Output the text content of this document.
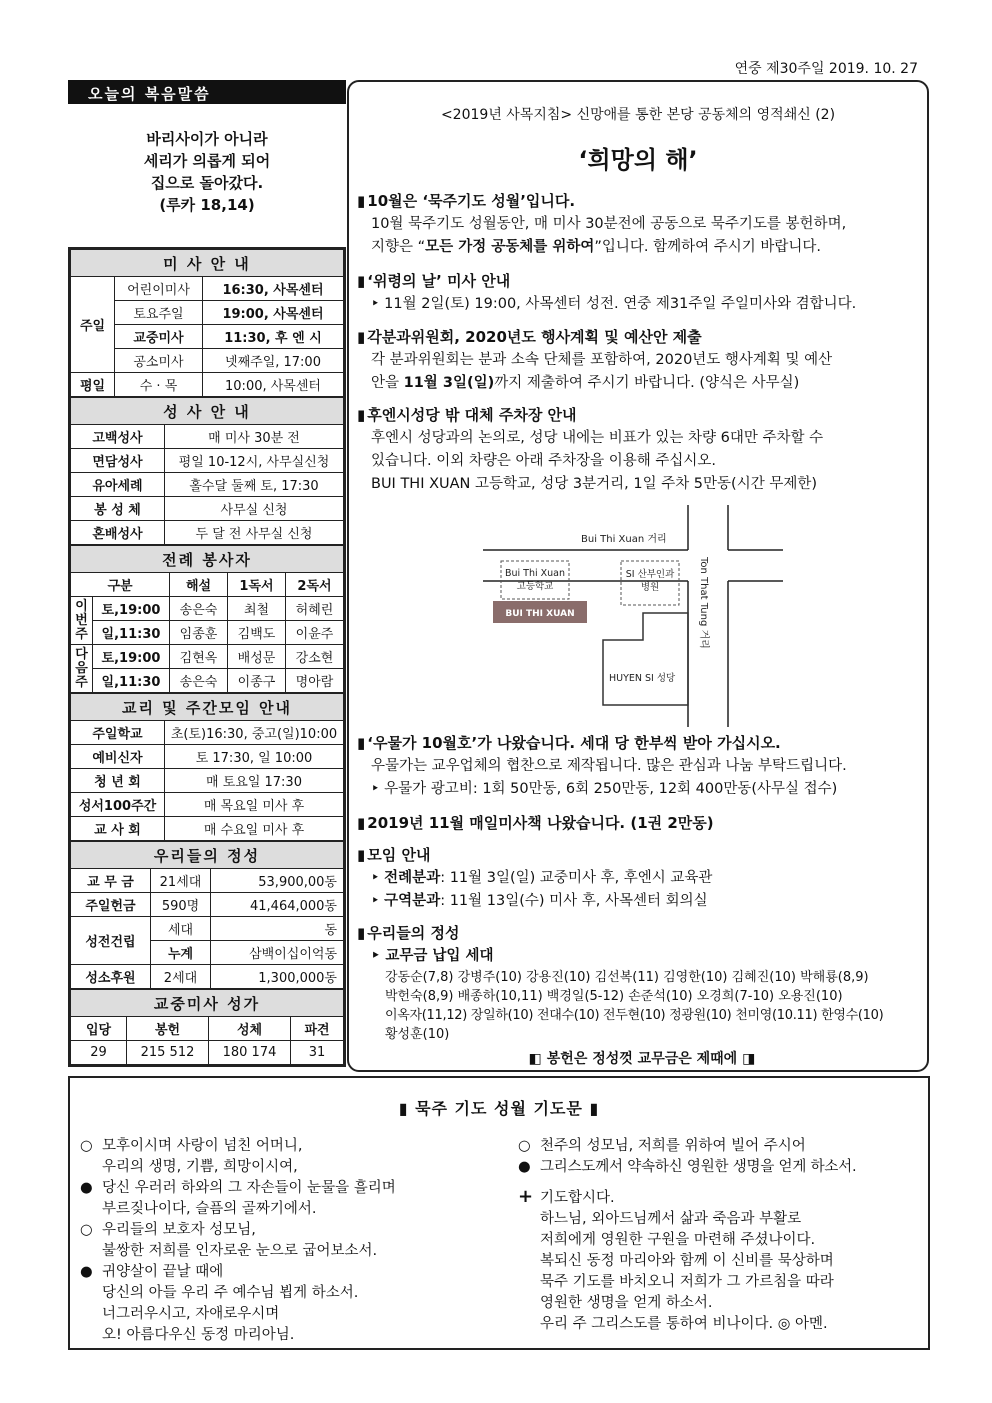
연중 제30주일 2019. 10. 27
오늘의 복음말씀
바리사이가 아니라
세리가 의롭게 되어
집으로 돌아갔다.
(루카 18,14)
미 사 안 내		
주일	어린이미사	16:30, 사목센터
	토요주일	19:00, 사목센터
	교중미사	11:30, 후 엔 시
	공소미사	넷째주일, 17:00
평일	수 · 목	10:00, 사목센터
성 사 안 내	
고백성사	매 미사 30분 전
면담성사	평일 10-12시, 사무실신청
유아세례	홀수달 둘째 토, 17:30
봉 성 체	사무실 신청
혼배성사	두 달 전 사무실 신청
전례 봉사자				
구분		해설	1독서	2독서
이번주	토,19:00	송은숙	최철	허혜린
	일,11:30	임종훈	김백도	이윤주
다음주	토,19:00	김현옥	배성문	강소현
	일,11:30	송은숙	이종구	명아람
교리 및 주간모임 안내	
주일학교	초(토)16:30, 중고(일)10:00
예비신자	토 17:30, 일 10:00
청 년 회	매 토요일 17:30
성서100주간	매 목요일 미사 후
교 사 회	매 수요일 미사 후
우리들의 정성		
교 무 금	21세대	53,900,00동
주일헌금	590명	41,464,000동
성전건립	세대	동
	누계	삼백이십이억동
성소후원	2세대	1,300,000동
교중미사 성가			
입당	봉헌	성체	파견
29	215 512	180 174	31
<2019년 사목지침> 신망애를 통한 본당 공동체의 영적쇄신 (2)
‘희망의 해’
▮ 10월은 ‘묵주기도 성월’입니다.
10월 묵주기도 성월동안, 매 미사 30분전에 공동으로 묵주기도를 봉헌하며,
지향은 “모든 가정 공동체를 위하여”입니다. 함께하여 주시기 바랍니다.
▮ ‘위령의 날’ 미사 안내
‣ 11월 2일(토) 19:00, 사목센터 성전. 연중 제31주일 주일미사와 겸합니다.
▮ 각분과위원회, 2020년도 행사계획 및 예산안 제출
각 분과위원회는 분과 소속 단체를 포함하여, 2020년도 행사계획 및 예산
안을 11월 3일(일)까지 제출하여 주시기 바랍니다. (양식은 사무실)
▮ 후엔시성당 밖 대체 주차장 안내
후엔시 성당과의 논의로, 성당 내에는 비표가 있는 차량 6대만 주차할 수
있습니다. 이외 차량은 아래 주차장을 이용해 주십시오.
BUI THI XUAN 고등학교, 성당 3분거리, 1일 주차 5만동(시간 무제한)
Bui Thi Xuan 거리
Ton That Tung 거리
Bui Thi Xuan
고등학교
BUI THI XUAN
SI 산부인과
병원
HUYEN SI 성당
▮ ‘우물가 10월호’가 나왔습니다. 세대 당 한부씩 받아 가십시오.
우물가는 교우업체의 협찬으로 제작됩니다. 많은 관심과 나눔 부탁드립니다.
‣ 우물가 광고비: 1회 50만동, 6회 250만동, 12회 400만동(사무실 접수)
▮ 2019년 11월 매일미사책 나왔습니다. (1권 2만동)
▮ 모임 안내
‣ 전례분과: 11월 3일(일) 교중미사 후, 후엔시 교육관
‣ 구역분과: 11월 13일(수) 미사 후, 사목센터 회의실
▮ 우리들의 정성
‣ 교무금 납입 세대
강동순(7,8) 강병주(10) 강용진(10) 김선복(11) 김영한(10) 김혜진(10) 박해룡(8,9)
박헌숙(8,9) 배종하(10,11) 백경일(5-12) 손준석(10) 오경희(7-10) 오용진(10)
이옥자(11,12) 장일하(10) 전대수(10) 전두현(10) 정광원(10) 천미영(10.11) 한영수(10)
황성훈(10)
◧ 봉헌은 정성껏 교무금은 제때에 ◨
▮ 묵주 기도 성월 기도문 ▮
○ 모후이시며 사랑이 넘친 어머니,
우리의 생명, 기쁨, 희망이시여,
● 당신 우러러 하와의 그 자손들이 눈물을 흘리며
부르짖나이다, 슬픔의 골짜기에서.
○ 우리들의 보호자 성모님,
불쌍한 저희를 인자로운 눈으로 굽어보소서.
● 귀양살이 끝날 때에
당신의 아들 우리 주 예수님 뵙게 하소서.
너그러우시고, 자애로우시며
오! 아름다우신 동정 마리아님.
○ 천주의 성모님, 저희를 위하여 빌어 주시어
● 그리스도께서 약속하신 영원한 생명을 얻게 하소서.
+ 기도합시다.
하느님, 외아드님께서 삶과 죽음과 부활로
저희에게 영원한 구원을 마련해 주셨나이다.
복되신 동정 마리아와 함께 이 신비를 묵상하며
묵주 기도를 바치오니 저희가 그 가르침을 따라
영원한 생명을 얻게 하소서.
우리 주 그리스도를 통하여 비나이다. ◎ 아멘.
